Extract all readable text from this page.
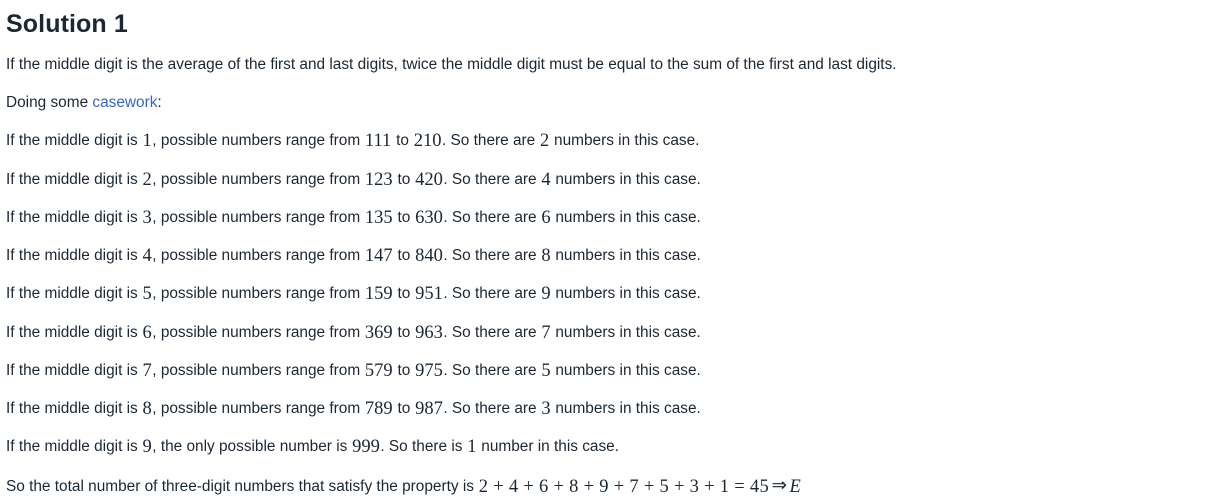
Solution 1

If the middle digit is the average of the first and last digits, twice the middle digit must be equal to the sum of the first and last digits.

Doing some casework:

If the middle digit is 1, possible numbers range from 111 to 210. So there are 2 numbers in this case.

If the middle digit is 2, possible numbers range from 123 to 420. So there are 4 numbers in this case.

If the middle digit is 3, possible numbers range from 135 to 630. So there are 6 numbers in this case.

If the middle digit is 4, possible numbers range from 147 to 840. So there are 8 numbers in this case.

If the middle digit is 5, possible numbers range from 159 to 951. So there are 9 numbers in this case.

If the middle digit is 6, possible numbers range from 369 to 963. So there are 7 numbers in this case.

If the middle digit is 7, possible numbers range from 579 to 975. So there are 5 numbers in this case.

If the middle digit is 8, possible numbers range from 789 to 987. So there are 3 numbers in this case.

If the middle digit is 9, the only possible number is 999. So there is 1 number in this case.

So the total number of three-digit numbers that satisfy the property is 2 + 4 + 6 + 8 + 9 + 7 + 5 + 3 + 1 = 45 ⇒ E
